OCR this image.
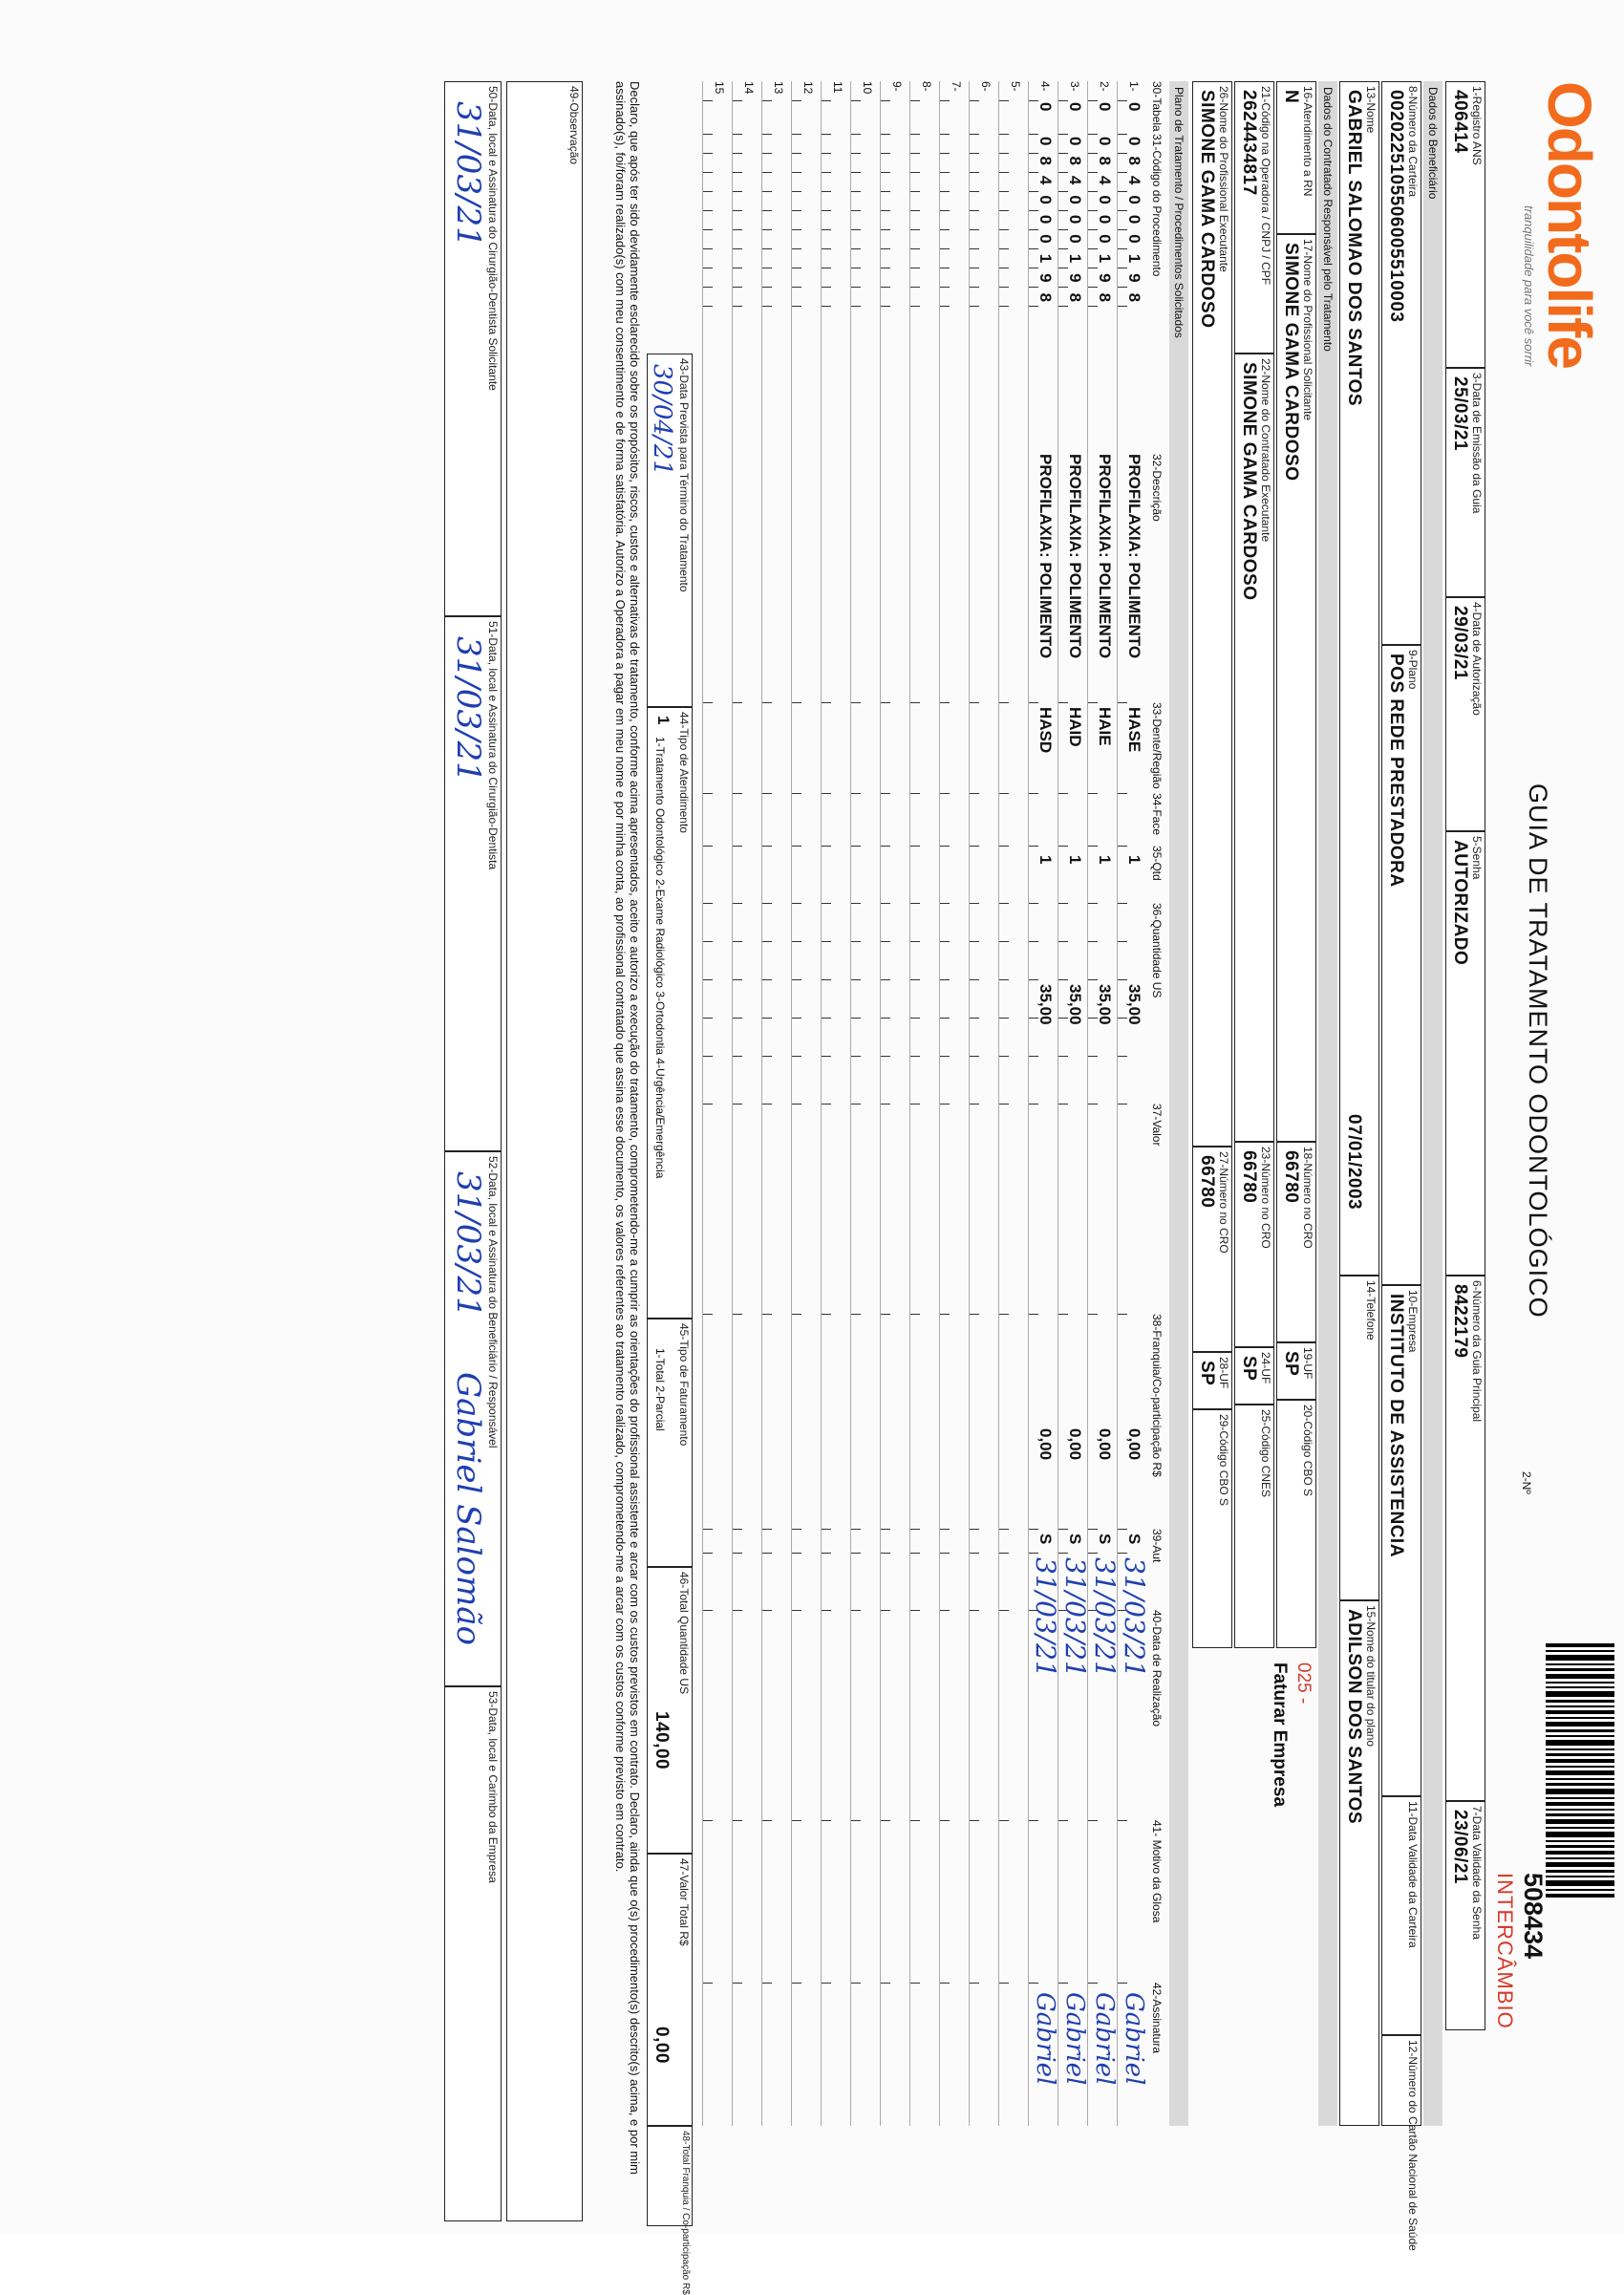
Odontolife
tranquilidade para você sorrir
GUIA DE TRATAMENTO ODONTOLÓGICO
2-Nº
508434
INTERCÂMBIO
1-Registro ANS
406414
3-Data de Emissão da Guia
25/03/21
4-Data de Autorização
29/03/21
5-Senha
AUTORIZADO
6-Número da Guia Principal
8422179
7-Data Validade da Senha
23/06/21
Dados do Beneficiário
8-Número da Carteira
0020225105506005510003
9-Plano
POS REDE PRESTADORA
10-Empresa
INSTITUTO DE ASSISTENCIA
11-Data Validade da Carteira
12-Número do Cartão Nacional de Saúde
13-Nome
GABRIEL SALOMAO DOS SANTOS
07/01/2003
14-Telefone
15-Nome do titular do plano
ADILSON DOS SANTOS
Dados do Contratado Responsável pelo Tratamento
16-Atendimento a RN
N
17-Nome do Profissional Solicitante
SIMONE GAMA CARDOSO
18-Número no CRO
66780
19-UF
SP
20-Código CBO S
025 -
Faturar Empresa
21-Código na Operadora / CNPJ / CPF
2624434817
22-Nome do Contratado Executante
SIMONE GAMA CARDOSO
23-Número no CRO
66780
24-UF
SP
25-Código CNES
26-Nome do Profissional Executante
SIMONE GAMA CARDOSO
27-Número no CRO
66780
28-UF
SP
29-Código CBO S
Plano de Tratamento / Procedimentos Solicitados
30-Tabela
31-Código do Procedimento
32-Descrição
33-Dente/Região
34-Face
35-Qtd
36-Quantidade US
37-Valor
38-Franquia/Co-participação R$
39-Aut
40-Data de Realização
41- Motivo da Glosa
42-Assinatura
1-
0
084000198
PROFILAXIA: POLIMENTO
HASE
1
35,00
0,00
S
31/03/21
Gabriel
2-
0
084000198
PROFILAXIA: POLIMENTO
HAIE
1
35,00
0,00
S
31/03/21
Gabriel
3-
0
084000198
PROFILAXIA: POLIMENTO
HAID
1
35,00
0,00
S
31/03/21
Gabriel
4-
0
084000198
PROFILAXIA: POLIMENTO
HASD
1
35,00
0,00
S
31/03/21
Gabriel
5-
6-
7-
8-
9-
10
11
12
13
14
15
43-Data Prevista para Término do Tratamento
30/04/21
44-Tipo de Atendimento
1
1-Tratamento Odontológico 2-Exame Radiológico 3-Ortodontia 4-Urgência/Emergência
45-Tipo de Faturamento
1-Total 2-Parcial
46-Total Quantidade US
140,00
47-Valor Total R$
0,00
48-Total Franquia / Co-participação R$
Declaro, que após ter sido devidamente esclarecido sobre os propósitos, riscos, custos e alternativas de tratamento, conforme acima apresentados, aceito e autorizo a execução do tratamento, comprometendo-me a cumprir as orientações do profissional assistente e arcar com os custos previstos em contrato. Declaro, ainda que o(s) procedimento(s) descrito(s) acima, e por mim assinado(s), foi/foram realizado(s) com meu consentimento e de forma satisfatória. Autorizo a Operadora a pagar em meu nome e por minha conta, ao profissional contratado que assina esse documento, os valores referentes ao tratamento realizado, comprometendo-me a arcar com os custos conforme previsto em contrato.
49-Observação
50-Data, local e Assinatura do Cirurgião-Dentista Solicitante
31/03/21
51-Data, local e Assinatura do Cirurgião-Dentista
31/03/21
52-Data, local e Assinatura do Beneficiário / Responsável
31/03/21
Gabriel Salomão
53-Data, local e Carimbo da Empresa
